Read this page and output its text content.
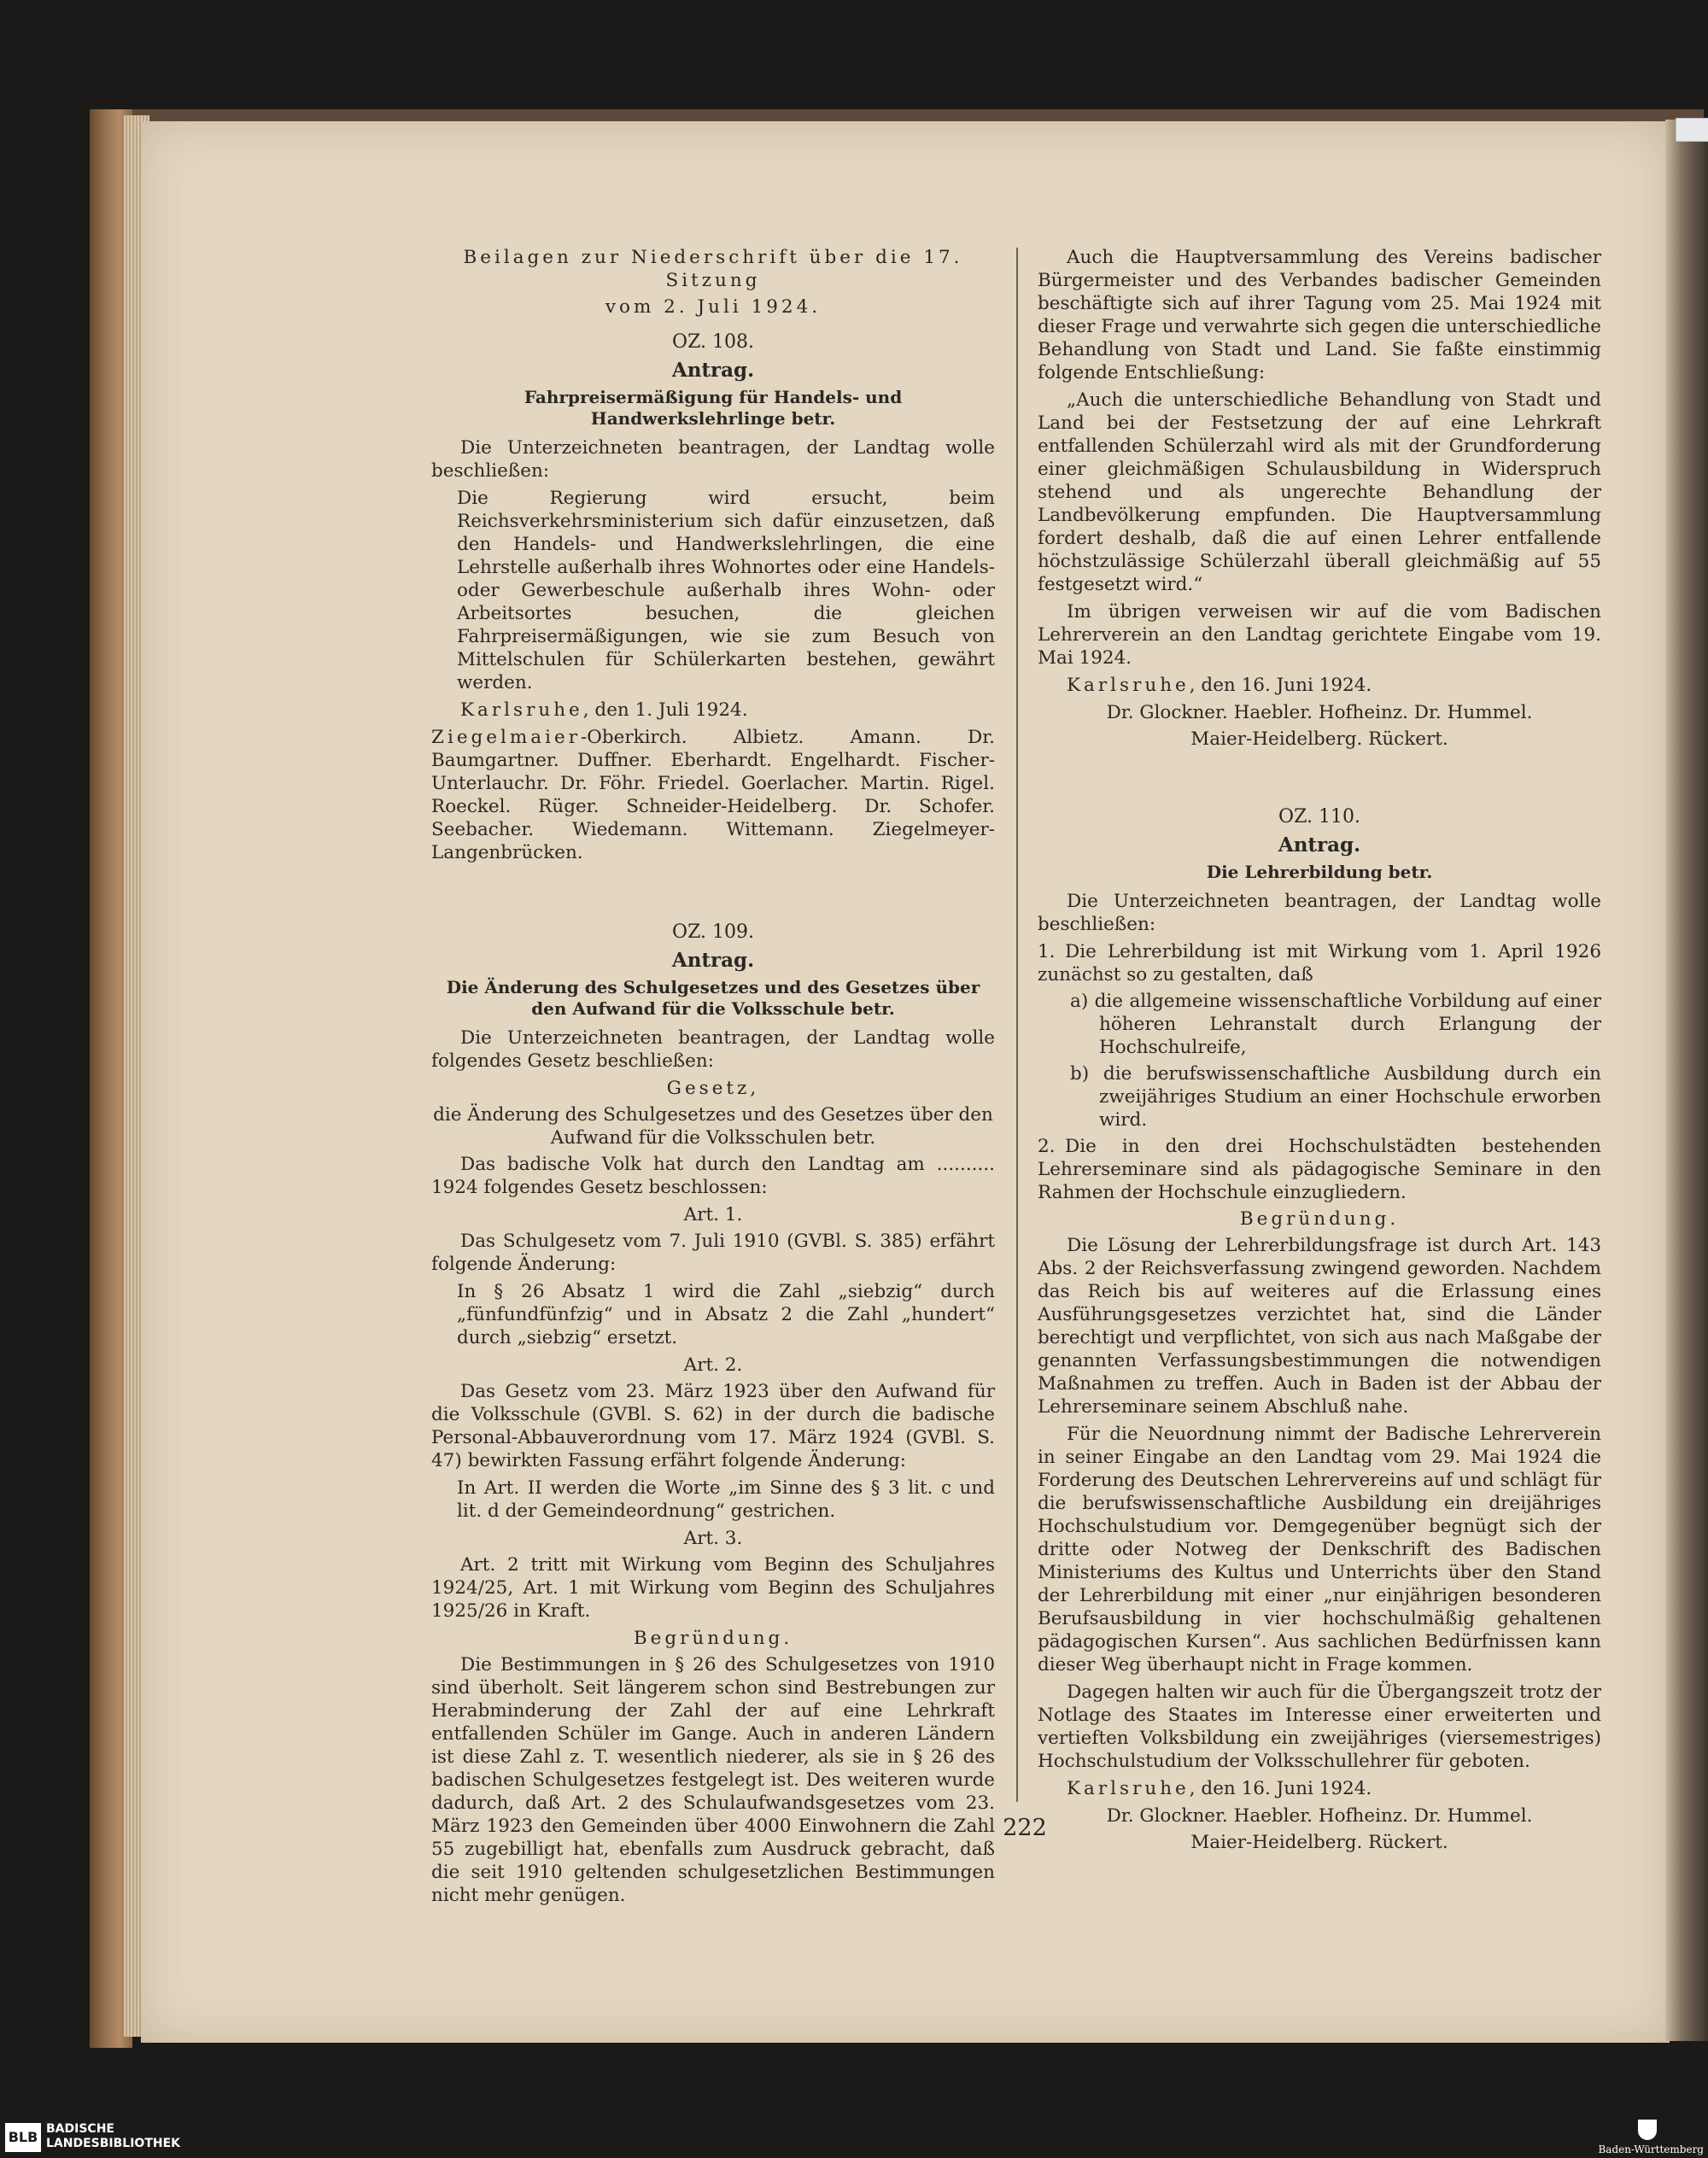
Beilagen zur Niederschrift über die 17. Sitzung

vom 2. Juli 1924.

OZ. 108.

Antrag.

Fahrpreisermäßigung für Handels- und Handwerkslehrlinge betr.

Die Unterzeichneten beantragen, der Landtag wolle beschließen:

Die Regierung wird ersucht, beim Reichsverkehrsministerium sich dafür einzusetzen, daß den Handels- und Handwerkslehrlingen, die eine Lehrstelle außerhalb ihres Wohnortes oder eine Handels- oder Gewerbeschule außerhalb ihres Wohn- oder Arbeitsortes besuchen, die gleichen Fahrpreisermäßigungen, wie sie zum Besuch von Mittelschulen für Schülerkarten bestehen, gewährt werden.

Karlsruhe, den 1. Juli 1924.

Ziegelmaier-Oberkirch. Albietz. Amann. Dr. Baumgartner. Duffner. Eberhardt. Engelhardt. Fischer-Unterlauchr. Dr. Föhr. Friedel. Goerlacher. Martin. Rigel. Roeckel. Rüger. Schneider-Heidelberg. Dr. Schofer. Seebacher. Wiedemann. Wittemann. Ziegelmeyer-Langenbrücken.

OZ. 109.

Antrag.

Die Änderung des Schulgesetzes und des Gesetzes über den Aufwand für die Volksschule betr.

Die Unterzeichneten beantragen, der Landtag wolle folgendes Gesetz beschließen:

Gesetz,

die Änderung des Schulgesetzes und des Gesetzes über den Aufwand für die Volksschulen betr.

Das badische Volk hat durch den Landtag am .......... 1924 folgendes Gesetz beschlossen:

Art. 1.

Das Schulgesetz vom 7. Juli 1910 (GVBl. S. 385) erfährt folgende Änderung:

In § 26 Absatz 1 wird die Zahl „siebzig“ durch „fünfundfünfzig“ und in Absatz 2 die Zahl „hundert“ durch „siebzig“ ersetzt.

Art. 2.

Das Gesetz vom 23. März 1923 über den Aufwand für die Volksschule (GVBl. S. 62) in der durch die badische Personal-Abbauverordnung vom 17. März 1924 (GVBl. S. 47) bewirkten Fassung erfährt folgende Änderung:

In Art. II werden die Worte „im Sinne des § 3 lit. c und lit. d der Gemeindeordnung“ gestrichen.

Art. 3.

Art. 2 tritt mit Wirkung vom Beginn des Schuljahres 1924/25, Art. 1 mit Wirkung vom Beginn des Schuljahres 1925/26 in Kraft.

Begründung.

Die Bestimmungen in § 26 des Schulgesetzes von 1910 sind überholt. Seit längerem schon sind Bestrebungen zur Herabminderung der Zahl der auf eine Lehrkraft entfallenden Schüler im Gange. Auch in anderen Ländern ist diese Zahl z. T. wesentlich niederer, als sie in § 26 des badischen Schulgesetzes festgelegt ist. Des weiteren wurde dadurch, daß Art. 2 des Schulaufwandsgesetzes vom 23. März 1923 den Gemeinden über 4000 Einwohnern die Zahl 55 zugebilligt hat, ebenfalls zum Ausdruck gebracht, daß die seit 1910 geltenden schulgesetzlichen Bestimmungen nicht mehr genügen.

Auch die Hauptversammlung des Vereins badischer Bürgermeister und des Verbandes badischer Gemeinden beschäftigte sich auf ihrer Tagung vom 25. Mai 1924 mit dieser Frage und verwahrte sich gegen die unterschiedliche Behandlung von Stadt und Land. Sie faßte einstimmig folgende Entschließung:

„Auch die unterschiedliche Behandlung von Stadt und Land bei der Festsetzung der auf eine Lehrkraft entfallenden Schülerzahl wird als mit der Grundforderung einer gleichmäßigen Schulausbildung in Widerspruch stehend und als ungerechte Behandlung der Landbevölkerung empfunden. Die Hauptversammlung fordert deshalb, daß die auf einen Lehrer entfallende höchstzulässige Schülerzahl überall gleichmäßig auf 55 festgesetzt wird.“

Im übrigen verweisen wir auf die vom Badischen Lehrerverein an den Landtag gerichtete Eingabe vom 19. Mai 1924.

Karlsruhe, den 16. Juni 1924.

Dr. Glockner. Haebler. Hofheinz. Dr. Hummel.

Maier-Heidelberg. Rückert.

OZ. 110.

Antrag.

Die Lehrerbildung betr.

Die Unterzeichneten beantragen, der Landtag wolle beschließen:

1. Die Lehrerbildung ist mit Wirkung vom 1. April 1926 zunächst so zu gestalten, daß

a) die allgemeine wissenschaftliche Vorbildung auf einer höheren Lehranstalt durch Erlangung der Hochschulreife,

b) die berufswissenschaftliche Ausbildung durch ein zweijähriges Studium an einer Hochschule erworben wird.

2. Die in den drei Hochschulstädten bestehenden Lehrerseminare sind als pädagogische Seminare in den Rahmen der Hochschule einzugliedern.

Begründung.

Die Lösung der Lehrerbildungsfrage ist durch Art. 143 Abs. 2 der Reichsverfassung zwingend geworden. Nachdem das Reich bis auf weiteres auf die Erlassung eines Ausführungsgesetzes verzichtet hat, sind die Länder berechtigt und verpflichtet, von sich aus nach Maßgabe der genannten Verfassungsbestimmungen die notwendigen Maßnahmen zu treffen. Auch in Baden ist der Abbau der Lehrerseminare seinem Abschluß nahe.

Für die Neuordnung nimmt der Badische Lehrerverein in seiner Eingabe an den Landtag vom 29. Mai 1924 die Forderung des Deutschen Lehrervereins auf und schlägt für die berufswissenschaftliche Ausbildung ein dreijähriges Hochschulstudium vor. Demgegenüber begnügt sich der dritte oder Notweg der Denkschrift des Badischen Ministeriums des Kultus und Unterrichts über den Stand der Lehrerbildung mit einer „nur einjährigen besonderen Berufsausbildung in vier hochschulmäßig gehaltenen pädagogischen Kursen“. Aus sachlichen Bedürfnissen kann dieser Weg überhaupt nicht in Frage kommen.

Dagegen halten wir auch für die Übergangszeit trotz der Notlage des Staates im Interesse einer erweiterten und vertieften Volksbildung ein zweijähriges (viersemestriges) Hochschulstudium der Volksschullehrer für geboten.

Karlsruhe, den 16. Juni 1924.

Dr. Glockner. Haebler. Hofheinz. Dr. Hummel.

Maier-Heidelberg. Rückert.

222
BLB BADISCHE
LANDESBIBLIOTHEK	Baden-Württemberg
